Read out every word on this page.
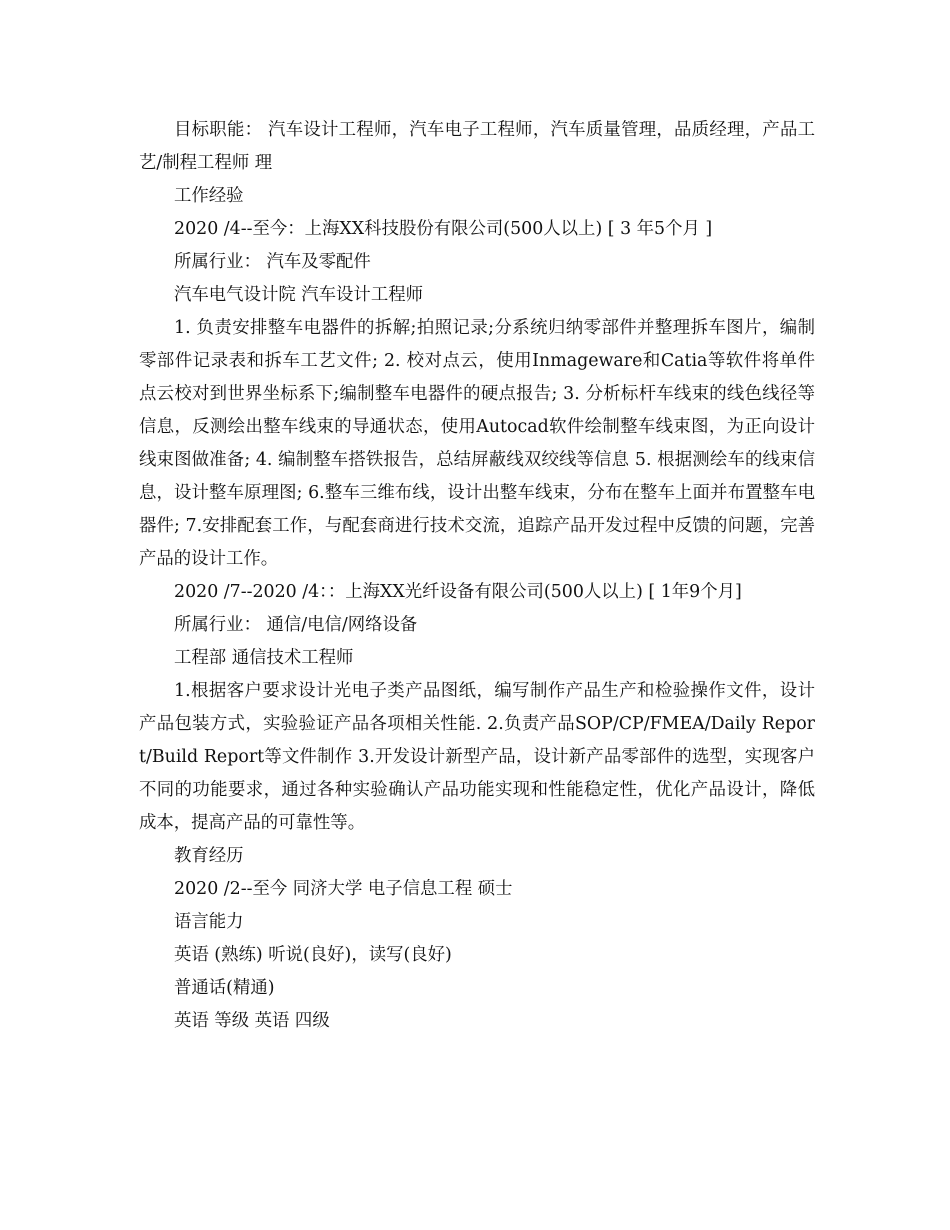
目标职能： 汽车设计工程师，汽车电子工程师，汽车质量管理，品质经理，产品工艺/制程工程师 理

工作经验

2020 /4--至今：上海XX科技股份有限公司(500人以上) [ 3 年5个月 ]

所属行业： 汽车及零配件

汽车电气设计院 汽车设计工程师

1. 负责安排整车电器件的拆解;拍照记录;分系统归纳零部件并整理拆车图片，编制零部件记录表和拆车工艺文件; 2. 校对点云，使用Inmageware和Catia等软件将单件点云校对到世界坐标系下;编制整车电器件的硬点报告; 3. 分析标杆车线束的线色线径等信息，反测绘出整车线束的导通状态，使用Autocad软件绘制整车线束图，为正向设计线束图做准备; 4. 编制整车搭铁报告，总结屏蔽线双绞线等信息 5. 根据测绘车的线束信息，设计整车原理图; 6.整车三维布线，设计出整车线束，分布在整车上面并布置整车电器件; 7.安排配套工作，与配套商进行技术交流，追踪产品开发过程中反馈的问题，完善产品的设计工作。

2020 /7--2020 /4：：上海XX光纤设备有限公司(500人以上) [ 1年9个月]

所属行业： 通信/电信/网络设备

工程部 通信技术工程师

1.根据客户要求设计光电子类产品图纸，编写制作产品生产和检验操作文件，设计产品包装方式，实验验证产品各项相关性能. 2.负责产品SOP/CP/FMEA/Daily Report/Build Report等文件制作 3.开发设计新型产品，设计新产品零部件的选型，实现客户不同的功能要求，通过各种实验确认产品功能实现和性能稳定性，优化产品设计，降低成本，提高产品的可靠性等。

教育经历

2020 /2--至今 同济大学 电子信息工程 硕士

语言能力

英语 (熟练) 听说(良好)，读写(良好)

普通话(精通)

英语 等级 英语 四级
